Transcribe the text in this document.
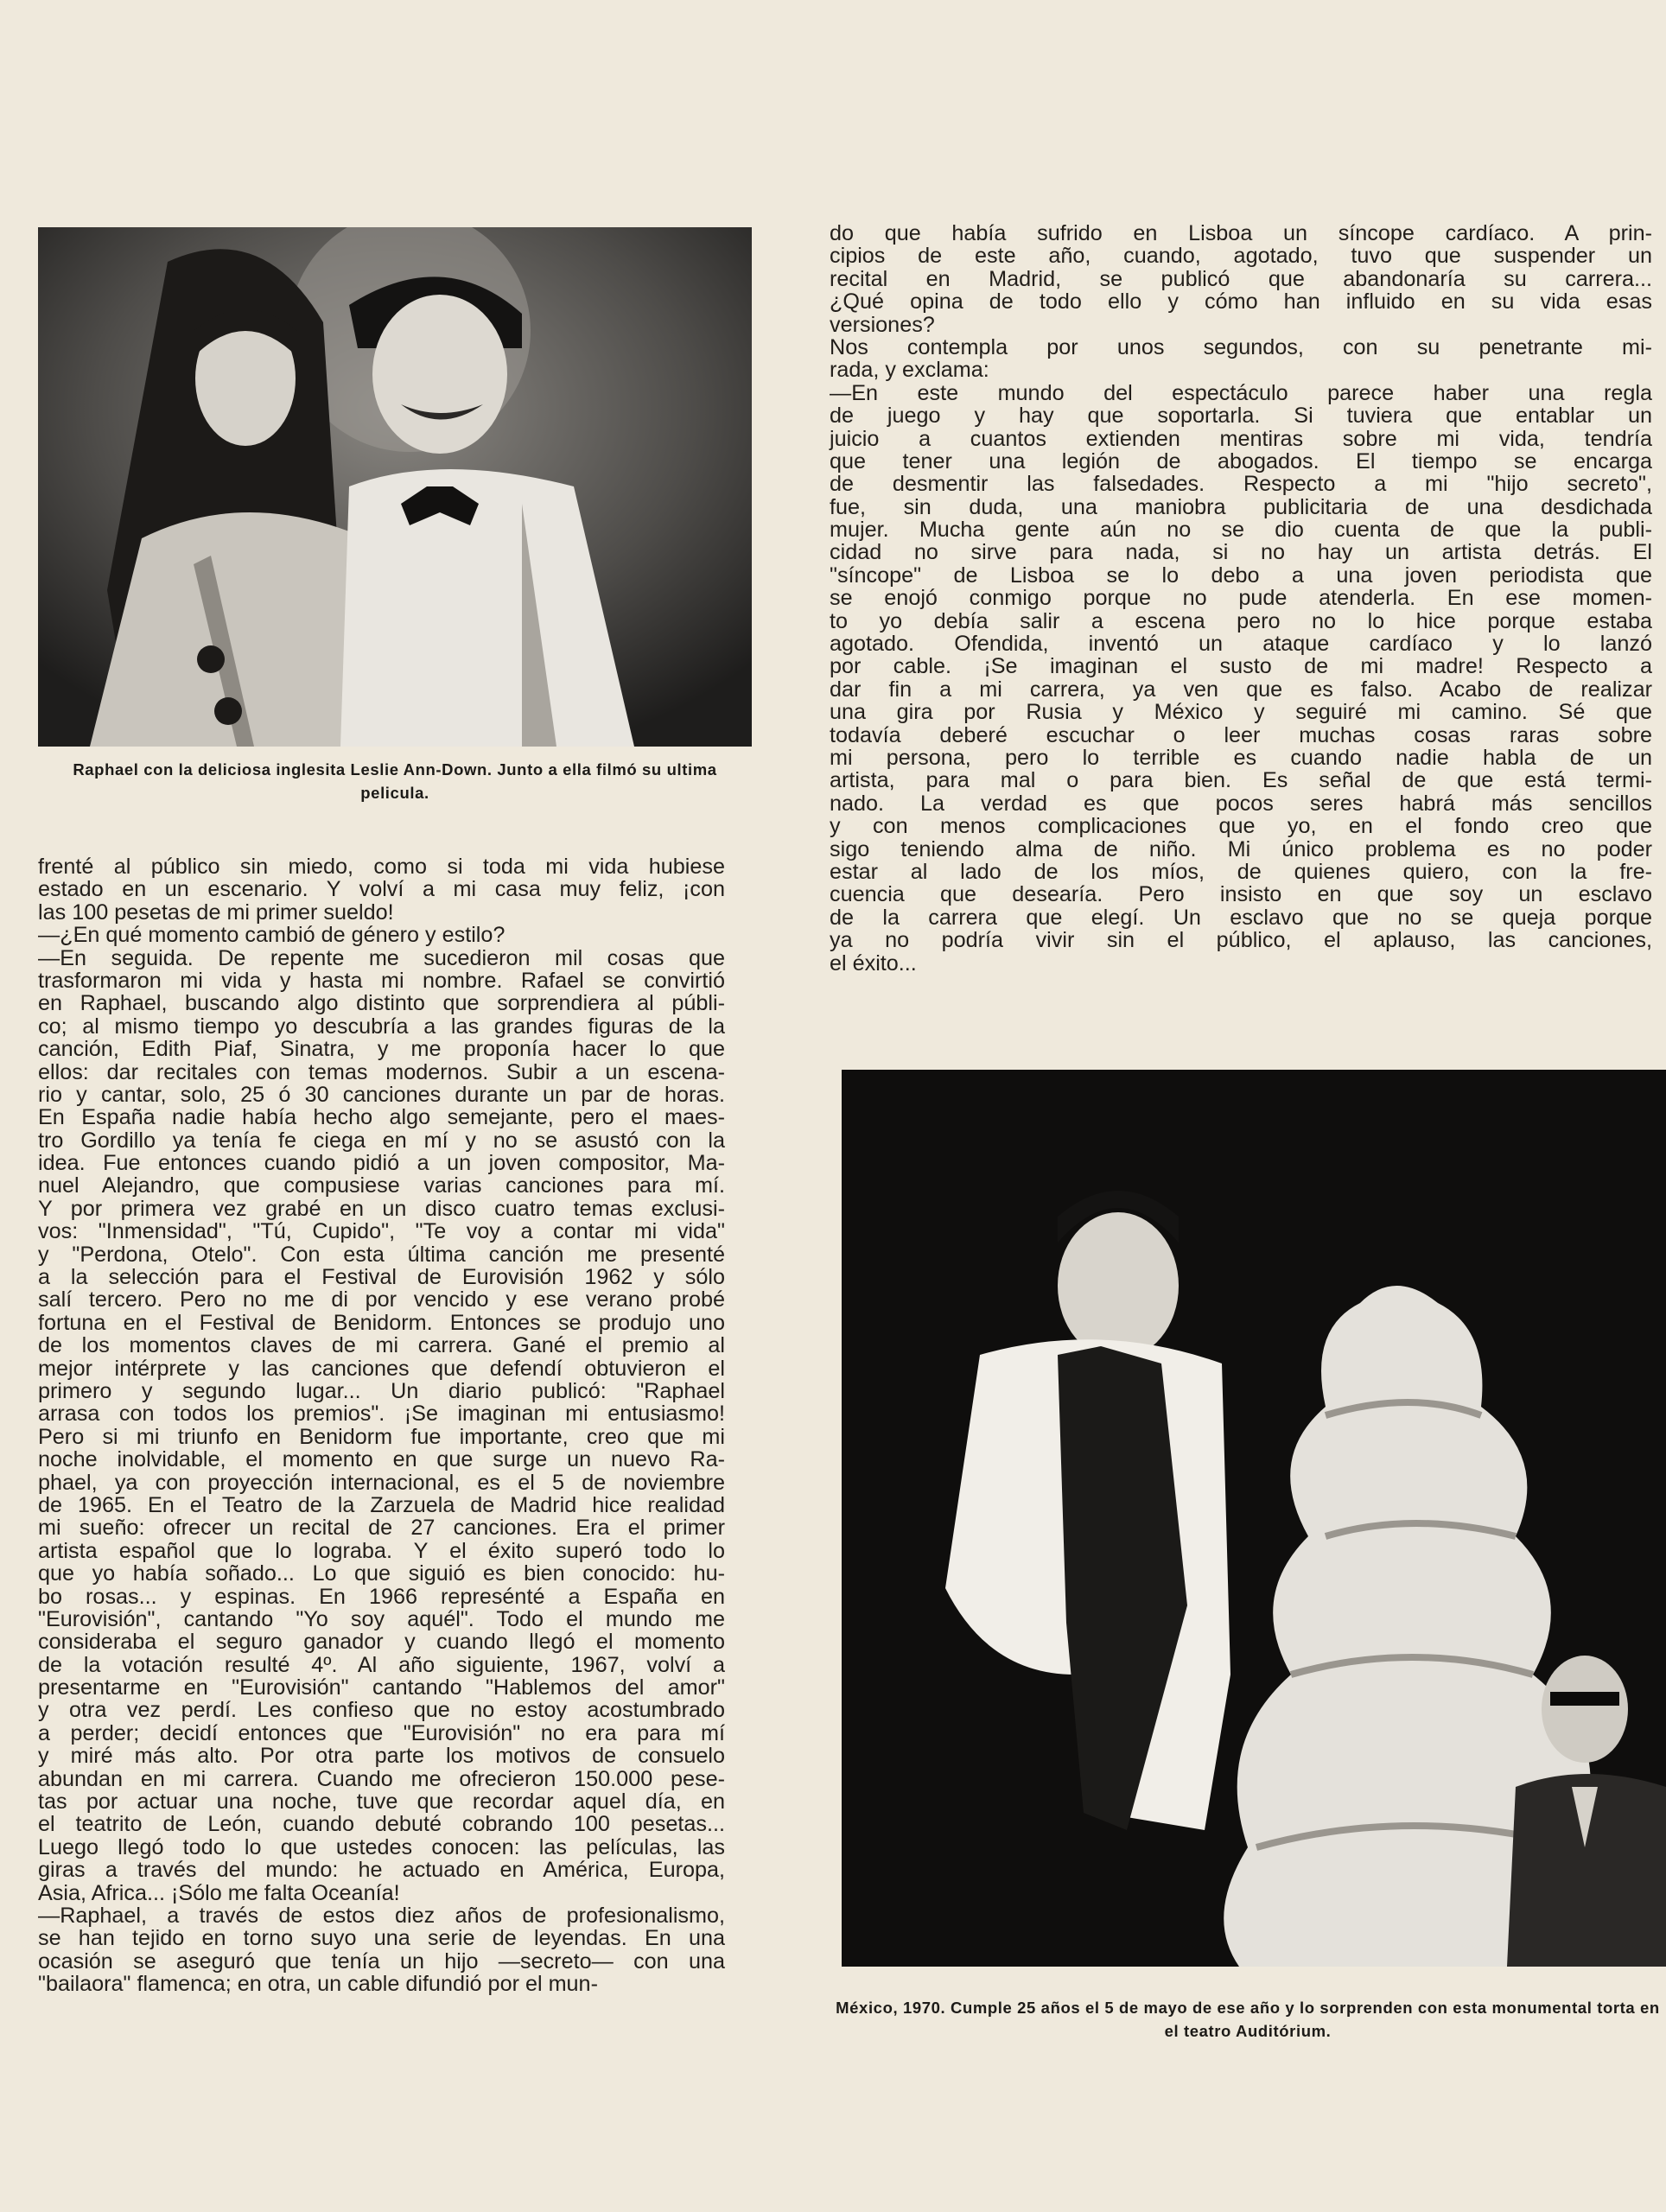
Raphael con la deliciosa inglesita Leslie Ann-Down. Junto a ella filmó su ultima pelicula.
frenté al público sin miedo, como si toda mi vida hubiese
estado en un escenario. Y volví a mi casa muy feliz, ¡con
las 100 pesetas de mi primer sueldo!
—¿En qué momento cambió de género y estilo?
—En seguida. De repente me sucedieron mil cosas que
trasformaron mi vida y hasta mi nombre. Rafael se convirtió
en Raphael, buscando algo distinto que sorprendiera al públi-
co; al mismo tiempo yo descubría a las grandes figuras de la
canción, Edith Piaf, Sinatra, y me proponía hacer lo que
ellos: dar recitales con temas modernos. Subir a un escena-
rio y cantar, solo, 25 ó 30 canciones durante un par de horas.
En España nadie había hecho algo semejante, pero el maes-
tro Gordillo ya tenía fe ciega en mí y no se asustó con la
idea. Fue entonces cuando pidió a un joven compositor, Ma-
nuel Alejandro, que compusiese varias canciones para mí.
Y por primera vez grabé en un disco cuatro temas exclusi-
vos: "Inmensidad", "Tú, Cupido", "Te voy a contar mi vida"
y "Perdona, Otelo". Con esta última canción me presenté
a la selección para el Festival de Eurovisión 1962 y sólo
salí tercero. Pero no me di por vencido y ese verano probé
fortuna en el Festival de Benidorm. Entonces se produjo uno
de los momentos claves de mi carrera. Gané el premio al
mejor intérprete y las canciones que defendí obtuvieron el
primero y segundo lugar... Un diario publicó: "Raphael
arrasa con todos los premios". ¡Se imaginan mi entusiasmo!
Pero si mi triunfo en Benidorm fue importante, creo que mi
noche inolvidable, el momento en que surge un nuevo Ra-
phael, ya con proyección internacional, es el 5 de noviembre
de 1965. En el Teatro de la Zarzuela de Madrid hice realidad
mi sueño: ofrecer un recital de 27 canciones. Era el primer
artista español que lo lograba. Y el éxito superó todo lo
que yo había soñado... Lo que siguió es bien conocido: hu-
bo rosas... y espinas. En 1966 represénté a España en
"Eurovisión", cantando "Yo soy aquél". Todo el mundo me
consideraba el seguro ganador y cuando llegó el momento
de la votación resulté 4º. Al año siguiente, 1967, volví a
presentarme en "Eurovisión" cantando "Hablemos del amor"
y otra vez perdí. Les confieso que no estoy acostumbrado
a perder; decidí entonces que "Eurovisión" no era para mí
y miré más alto. Por otra parte los motivos de consuelo
abundan en mi carrera. Cuando me ofrecieron 150.000 pese-
tas por actuar una noche, tuve que recordar aquel día, en
el teatrito de León, cuando debuté cobrando 100 pesetas...
Luego llegó todo lo que ustedes conocen: las películas, las
giras a través del mundo: he actuado en América, Europa,
Asia, Africa... ¡Sólo me falta Oceanía!
—Raphael, a través de estos diez años de profesionalismo,
se han tejido en torno suyo una serie de leyendas. En una
ocasión se aseguró que tenía un hijo —secreto— con una
"bailaora" flamenca; en otra, un cable difundió por el mun-
do que había sufrido en Lisboa un síncope cardíaco. A prin-
cipios de este año, cuando, agotado, tuvo que suspender un
recital en Madrid, se publicó que abandonaría su carrera...
¿Qué opina de todo ello y cómo han influido en su vida esas
versiones?
Nos contempla por unos segundos, con su penetrante mi-
rada, y exclama:
—En este mundo del espectáculo parece haber una regla
de juego y hay que soportarla. Si tuviera que entablar un
juicio a cuantos extienden mentiras sobre mi vida, tendría
que tener una legión de abogados. El tiempo se encarga
de desmentir las falsedades. Respecto a mi "hijo secreto",
fue, sin duda, una maniobra publicitaria de una desdichada
mujer. Mucha gente aún no se dio cuenta de que la publi-
cidad no sirve para nada, si no hay un artista detrás. El
"síncope" de Lisboa se lo debo a una joven periodista que
se enojó conmigo porque no pude atenderla. En ese momen-
to yo debía salir a escena pero no lo hice porque estaba
agotado. Ofendida, inventó un ataque cardíaco y lo lanzó
por cable. ¡Se imaginan el susto de mi madre! Respecto a
dar fin a mi carrera, ya ven que es falso. Acabo de realizar
una gira por Rusia y México y seguiré mi camino. Sé que
todavía deberé escuchar o leer muchas cosas raras sobre
mi persona, pero lo terrible es cuando nadie habla de un
artista, para mal o para bien. Es señal de que está termi-
nado. La verdad es que pocos seres habrá más sencillos
y con menos complicaciones que yo, en el fondo creo que
sigo teniendo alma de niño. Mi único problema es no poder
estar al lado de los míos, de quienes quiero, con la fre-
cuencia que desearía. Pero insisto en que soy un esclavo
de la carrera que elegí. Un esclavo que no se queja porque
ya no podría vivir sin el público, el aplauso, las canciones,
el éxito...
México, 1970. Cumple 25 años el 5 de mayo de ese año y lo sorprenden con esta monumental torta en el teatro Auditórium.
